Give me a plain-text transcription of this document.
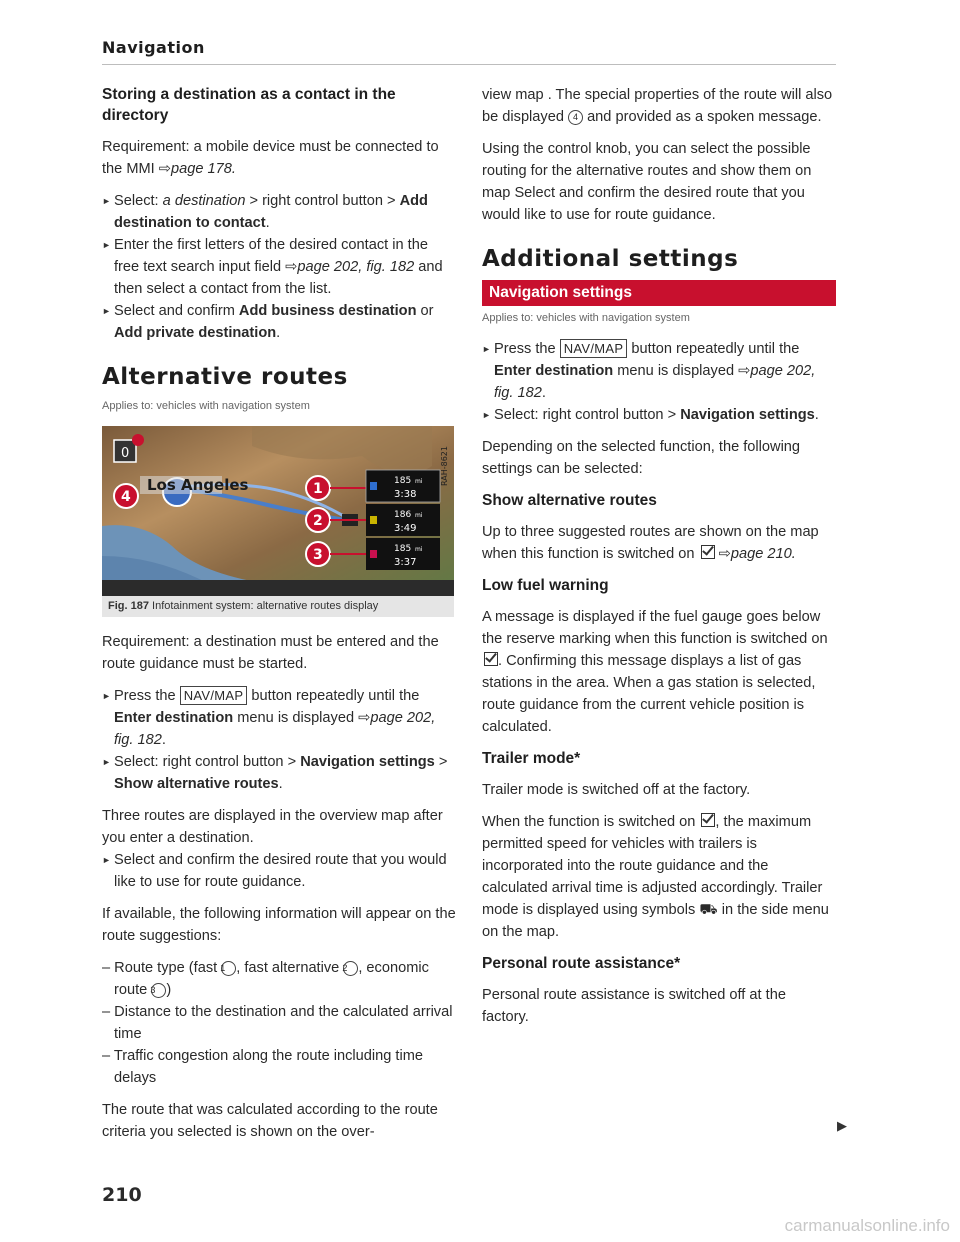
Navigation
Storing a destination as a contact in the directory

Requirement: a mobile device must be connected to the MMI ⇨page 178.

► Select: a destination > right control button > Add destination to contact.

► Enter the first letters of the desired contact in the free text search input field ⇨page 202, fig. 182 and then select a contact from the list.

► Select and confirm Add business destination or Add private destination.

Alternative routes
Applies to: vehicles with navigation system
Los Angeles
0
4	1
2
3
185 mi
3:38
186 mi
3:49
185 mi
3:37
RAH-8621
Fig. 187 Infotainment system: alternative routes display

Requirement: a destination must be entered and the route guidance must be started.

► Press the NAV/MAP button repeatedly until the Enter destination menu is displayed ⇨page 202, fig. 182.

► Select: right control button > Navigation settings > Show alternative routes.

Three routes are displayed in the overview map after you enter a destination.

► Select and confirm the desired route that you would like to use for route guidance.

If available, the following information will appear on the route suggestions:

– Route type (fast 1 , fast alternative 2 , economic route 3 )

– Distance to the destination and the calculated arrival time

– Traffic congestion along the route including time delays

The route that was calculated according to the route criteria you selected is shown on the over-

view map . The special properties of the route will also be displayed 4 and provided as a spoken message.

Using the control knob, you can select the possible routing for the alternative routes and show them on map Select and confirm the desired route that you would like to use for route guidance.

Additional settings
Navigation settings
Applies to: vehicles with navigation system

► Press the NAV/MAP button repeatedly until the Enter destination menu is displayed ⇨page 202, fig. 182.

► Select: right control button > Navigation settings.

Depending on the selected function, the following settings can be selected:

Show alternative routes

Up to three suggested routes are shown on the map when this function is switched on  ⇨page 210.

Low fuel warning

A message is displayed if the fuel gauge goes below the reserve marking when this function is switched on . Confirming this message displays a list of gas stations in the area. When a gas station is selected, route guidance from the current vehicle position is calculated.

Trailer mode*

Trailer mode is switched off at the factory.

When the function is switched on , the maximum permitted speed for vehicles with trailers is incorporated into the route guidance and the calculated arrival time is adjusted accordingly. Trailer mode is displayed using symbols ⛟ in the side menu on the map.

Personal route assistance*

Personal route assistance is switched off at the factory.

▶
210
carmanualsonline.info
